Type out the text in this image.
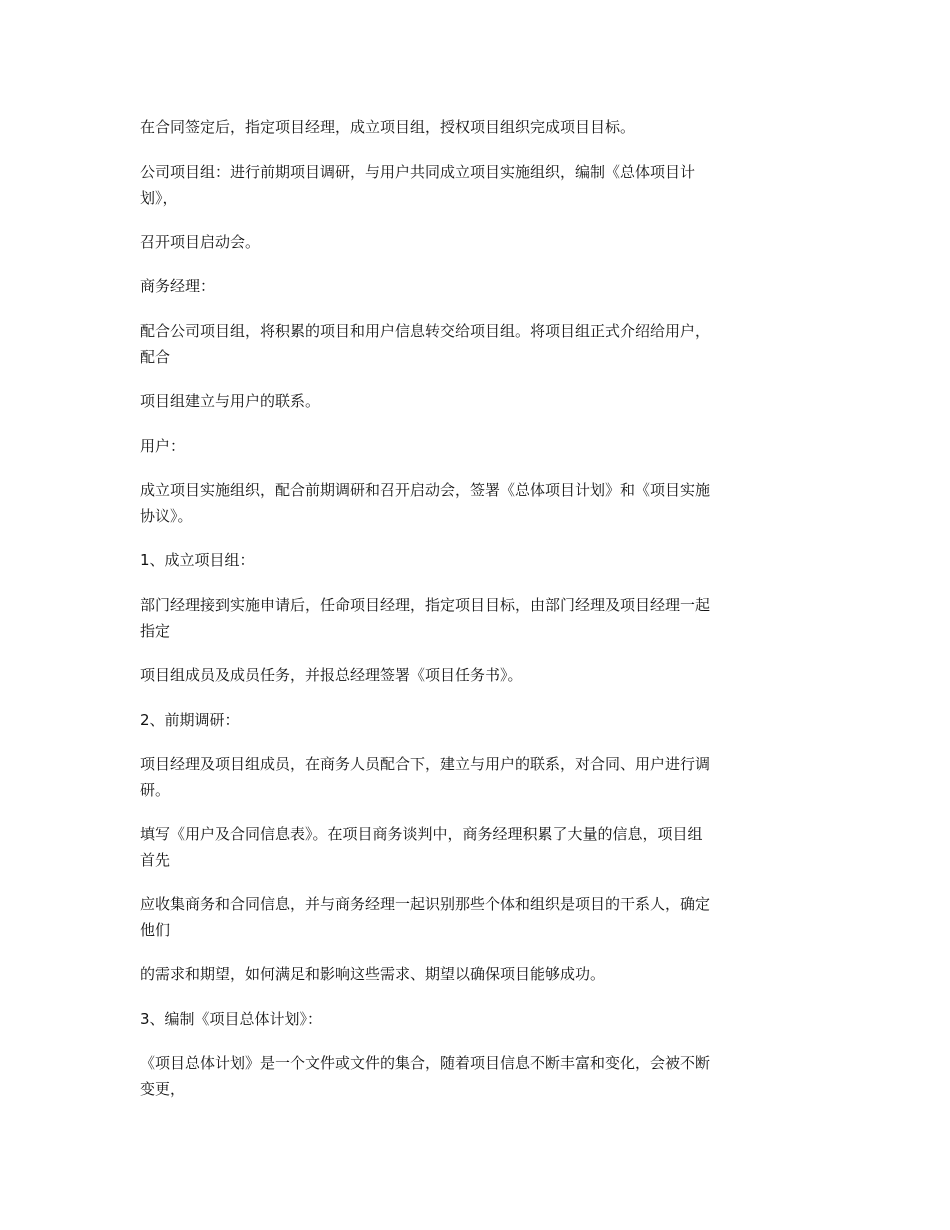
在合同签定后，指定项目经理，成立项目组，授权项目组织完成项目目标。

公司项目组：进行前期项目调研，与用户共同成立项目实施组织，编制《总体项目计
划》，

召开项目启动会。

商务经理：

配合公司项目组，将积累的项目和用户信息转交给项目组。将项目组正式介绍给用户，
配合

项目组建立与用户的联系。

用户：

成立项目实施组织，配合前期调研和召开启动会，签署《总体项目计划》和《项目实施
协议》。

1、成立项目组：

部门经理接到实施申请后，任命项目经理，指定项目目标，由部门经理及项目经理一起
指定

项目组成员及成员任务，并报总经理签署《项目任务书》。

2、前期调研：

项目经理及项目组成员，在商务人员配合下，建立与用户的联系，对合同、用户进行调
研。

填写《用户及合同信息表》。在项目商务谈判中，商务经理积累了大量的信息，项目组
首先

应收集商务和合同信息，并与商务经理一起识别那些个体和组织是项目的干系人，确定
他们

的需求和期望，如何满足和影响这些需求、期望以确保项目能够成功。

3、编制《项目总体计划》：

《项目总体计划》是一个文件或文件的集合，随着项目信息不断丰富和变化，会被不断
变更，
